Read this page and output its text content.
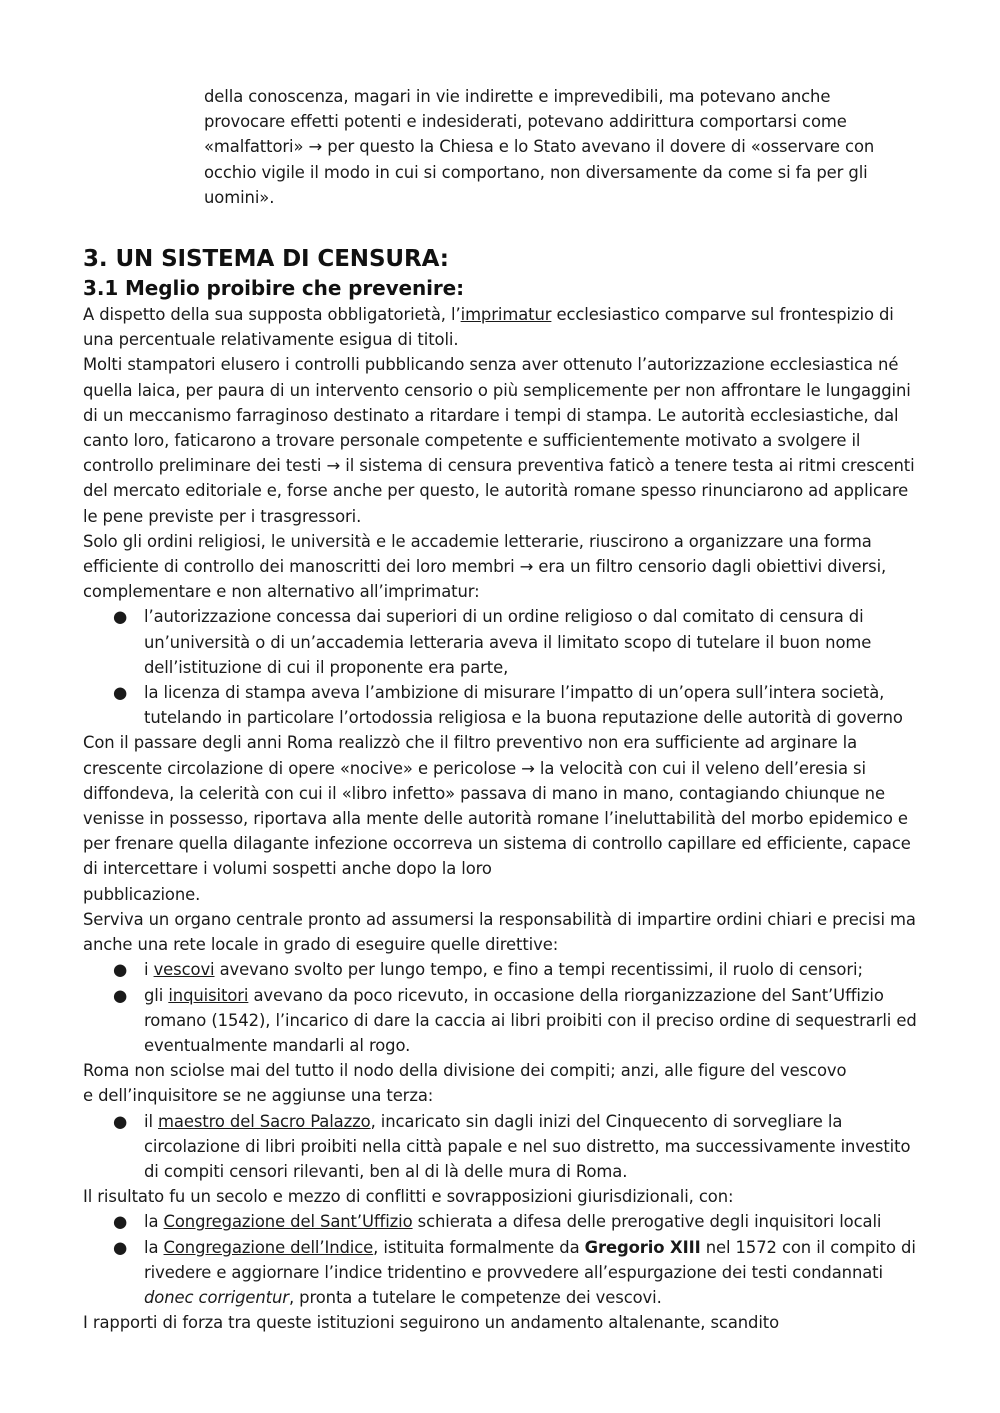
della conoscenza, magari in vie indirette e imprevedibili, ma potevano anche

provocare effetti potenti e indesiderati, potevano addirittura comportarsi come

«malfattori» → per questo la Chiesa e lo Stato avevano il dovere di «osservare con

occhio vigile il modo in cui si comportano, non diversamente da come si fa per gli

uomini».

3. UN SISTEMA DI CENSURA:
3.1 Meglio proibire che prevenire:

A dispetto della sua supposta obbligatorietà, l’imprimatur ecclesiastico comparve sul frontespizio di una percentuale relativamente esigua di titoli.

Molti stampatori elusero i controlli pubblicando senza aver ottenuto l’autorizzazione ecclesiastica né quella laica, per paura di un intervento censorio o più semplicemente per non affrontare le lungaggini di un meccanismo farraginoso destinato a ritardare i tempi di stampa. Le autorità ecclesiastiche, dal canto loro, faticarono a trovare personale competente e sufficientemente motivato a svolgere il controllo preliminare dei testi → il sistema di censura preventiva faticò a tenere testa ai ritmi crescenti del mercato editoriale e, forse anche per questo, le autorità romane spesso rinunciarono ad applicare le pene previste per i trasgressori.

Solo gli ordini religiosi, le università e le accademie letterarie, riuscirono a organizzare una forma efficiente di controllo dei manoscritti dei loro membri → era un filtro censorio dagli obiettivi diversi, complementare e non alternativo all’imprimatur:

● l’autorizzazione concessa dai superiori di un ordine religioso o dal comitato di censura di un’università o di un’accademia letteraria aveva il limitato scopo di tutelare il buon nome dell’istituzione di cui il proponente era parte,
● la licenza di stampa aveva l’ambizione di misurare l’impatto di un’opera sull’intera società, tutelando in particolare l’ortodossia religiosa e la buona reputazione delle autorità di governo

Con il passare degli anni Roma realizzò che il filtro preventivo non era sufficiente ad arginare la crescente circolazione di opere «nocive» e pericolose → la velocità con cui il veleno dell’eresia si diffondeva, la celerità con cui il «libro infetto» passava di mano in mano, contagiando chiunque ne venisse in possesso, riportava alla mente delle autorità romane l’ineluttabilità del morbo epidemico e per frenare quella dilagante infezione occorreva un sistema di controllo capillare ed efficiente, capace di intercettare i volumi sospetti anche dopo la loro
pubblicazione.

Serviva un organo centrale pronto ad assumersi la responsabilità di impartire ordini chiari e precisi ma anche una rete locale in grado di eseguire quelle direttive:

● i vescovi avevano svolto per lungo tempo, e fino a tempi recentissimi, il ruolo di censori;
● gli inquisitori avevano da poco ricevuto, in occasione della riorganizzazione del Sant’Uffizio romano (1542), l’incarico di dare la caccia ai libri proibiti con il preciso ordine di sequestrarli ed eventualmente mandarli al rogo.

Roma non sciolse mai del tutto il nodo della divisione dei compiti; anzi, alle figure del vescovo
e dell’inquisitore se ne aggiunse una terza:

● il maestro del Sacro Palazzo, incaricato sin dagli inizi del Cinquecento di sorvegliare la circolazione di libri proibiti nella città papale e nel suo distretto, ma successivamente investito di compiti censori rilevanti, ben al di là delle mura di Roma.

Il risultato fu un secolo e mezzo di conflitti e sovrapposizioni giurisdizionali, con:

● la Congregazione del Sant’Uffizio schierata a difesa delle prerogative degli inquisitori locali
● la Congregazione dell’Indice, istituita formalmente da Gregorio XIII nel 1572 con il compito di rivedere e aggiornare l’indice tridentino e provvedere all’espurgazione dei testi condannati donec corrigentur, pronta a tutelare le competenze dei vescovi.

I rapporti di forza tra queste istituzioni seguirono un andamento altalenante, scandito
